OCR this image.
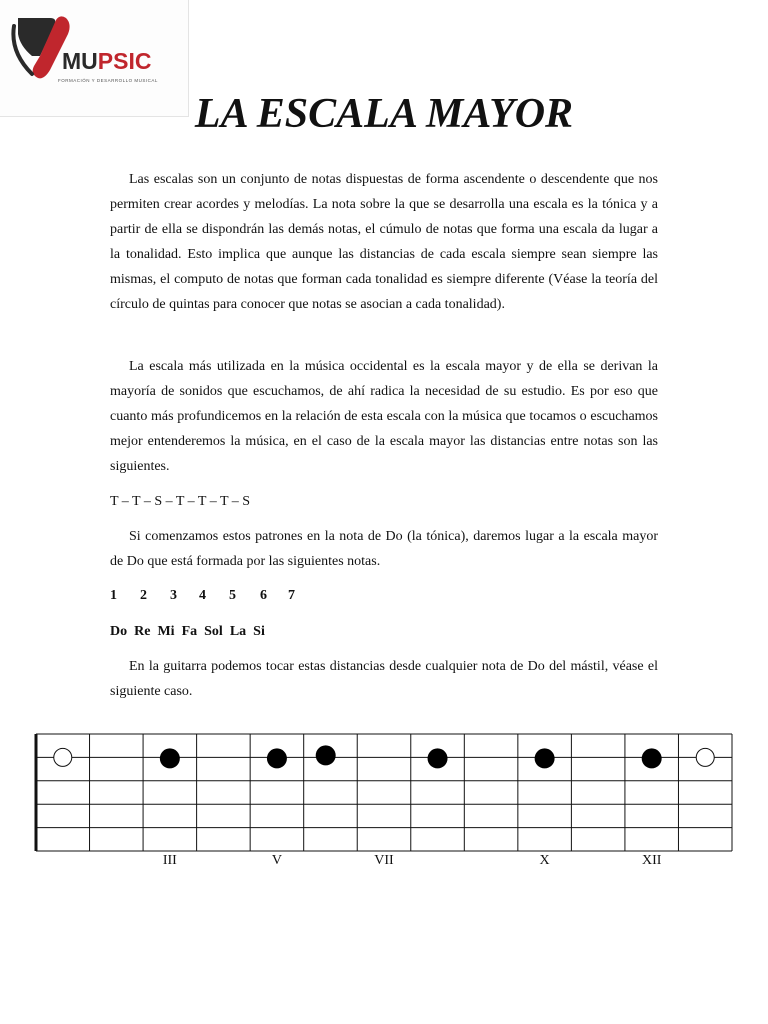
MUPSIC
FORMACIÓN Y DESARROLLO MUSICAL
LA ESCALA MAYOR

Las escalas son un conjunto de notas dispuestas de forma ascendente o descendente que nos permiten crear acordes y melodías. La nota sobre la que se desarrolla una escala es la tónica y a partir de ella se dispondrán las demás notas, el cúmulo de notas que forma una escala da lugar a la tonalidad. Esto implica que aunque las distancias de cada escala siempre sean siempre las mismas, el computo de notas que forman cada tonalidad es siempre diferente (Véase la teoría del círculo de quintas para conocer que notas se asocian a cada tonalidad).

La escala más utilizada en la música occidental es la escala mayor y de ella se derivan la mayoría de sonidos que escuchamos, de ahí radica la necesidad de su estudio. Es por eso que cuanto más profundicemos en la relación de esta escala con la música que tocamos o escuchamos mejor entenderemos la música, en el caso de la escala mayor las distancias entre notas son las siguientes.

T – T – S – T – T – T – S

Si comenzamos estos patrones en la nota de Do (la tónica), daremos lugar a la escala mayor de Do que está formada por las siguientes notas.

1	2	3	4	5	6	7

Do Re Mi Fa Sol La Si

En la guitarra podemos tocar estas distancias desde cualquier nota de Do del mástil, véase el siguiente caso.

III	V	VII	X	XII
